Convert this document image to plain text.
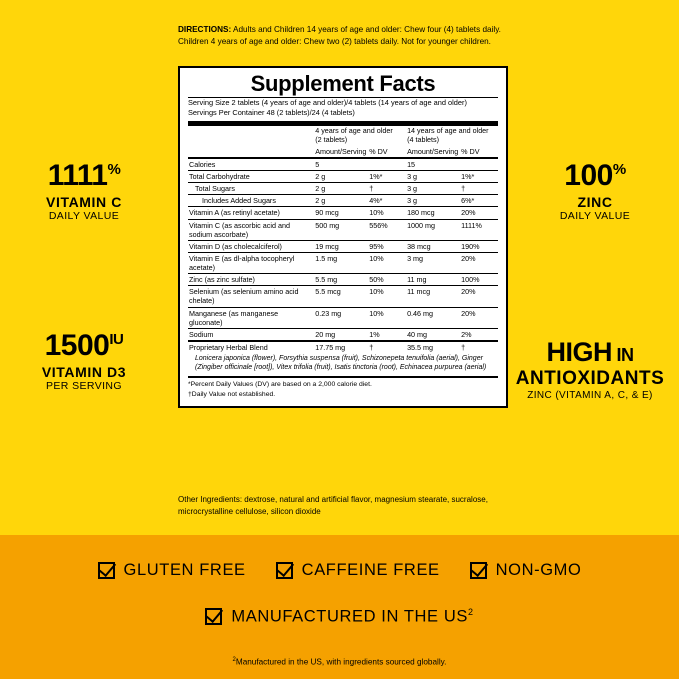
1111%
VITAMIN C
DAILY VALUE
$1500^{IU}$
VITAMIN D3
PER SERVING
100%
ZINC
DAILY VALUE
HIGH IN
ANTIOXIDANTS
ZINC (VITAMIN A, C, & E)
DIRECTIONS: Adults and Children 14 years of age and older: Chew four (4) tablets daily. Children 4 years of age and older: Chew two (2) tablets daily. Not for younger children.
Supplement Facts
Serving Size 2 tablets (4 years of age and older)/4 tablets (14 years of age and older)
Servings Per Container 48 (2 tablets)/24 (4 tablets)
	4 years of age and older
(2 tablets)		14 years of age and older
(4 tablets)	
	Amount/Serving	% DV	Amount/Serving	% DV
Calories	5		15	
Total Carbohydrate	2 g	1%*	3 g	1%*
Total Sugars	2 g	†	3 g	†
Includes Added Sugars	2 g	4%*	3 g	6%*
Vitamin A (as retinyl acetate)	90 mcg	10%	180 mcg	20%
Vitamin C (as ascorbic acid and sodium ascorbate)	500 mg	556%	1000 mg	1111%
Vitamin D (as cholecalciferol)	19 mcg	95%	38 mcg	190%
Vitamin E (as dl-alpha tocopheryl acetate)	1.5 mg	10%	3 mg	20%
Zinc (as zinc sulfate)	5.5 mg	50%	11 mg	100%
Selenium (as selenium amino acid chelate)	5.5 mcg	10%	11 mcg	20%
Manganese (as manganese gluconate)	0.23 mg	10%	0.46 mg	20%
Sodium	20 mg	1%	40 mg	2%
Proprietary Herbal Blend	17.75 mg	†	35.5 mg	†
Lonicera japonica (flower), Forsythia suspensa (fruit), Schizonepeta tenuifolia (aerial), Ginger (Zingiber officinale [root]), Vitex trifolia (fruit), Isatis tinctoria (root), Echinacea purpurea (aerial)				
*Percent Daily Values (DV) are based on a 2,000 calorie diet.
†Daily Value not established.
Other Ingredients: dextrose, natural and artificial flavor, magnesium stearate, sucralose, microcrystalline cellulose, silicon dioxide
GLUTEN FREE	CAFFEINE FREE	NON-GMO
MANUFACTURED IN THE $US^2$
$^2$Manufactured in the US, with ingredients sourced globally.
